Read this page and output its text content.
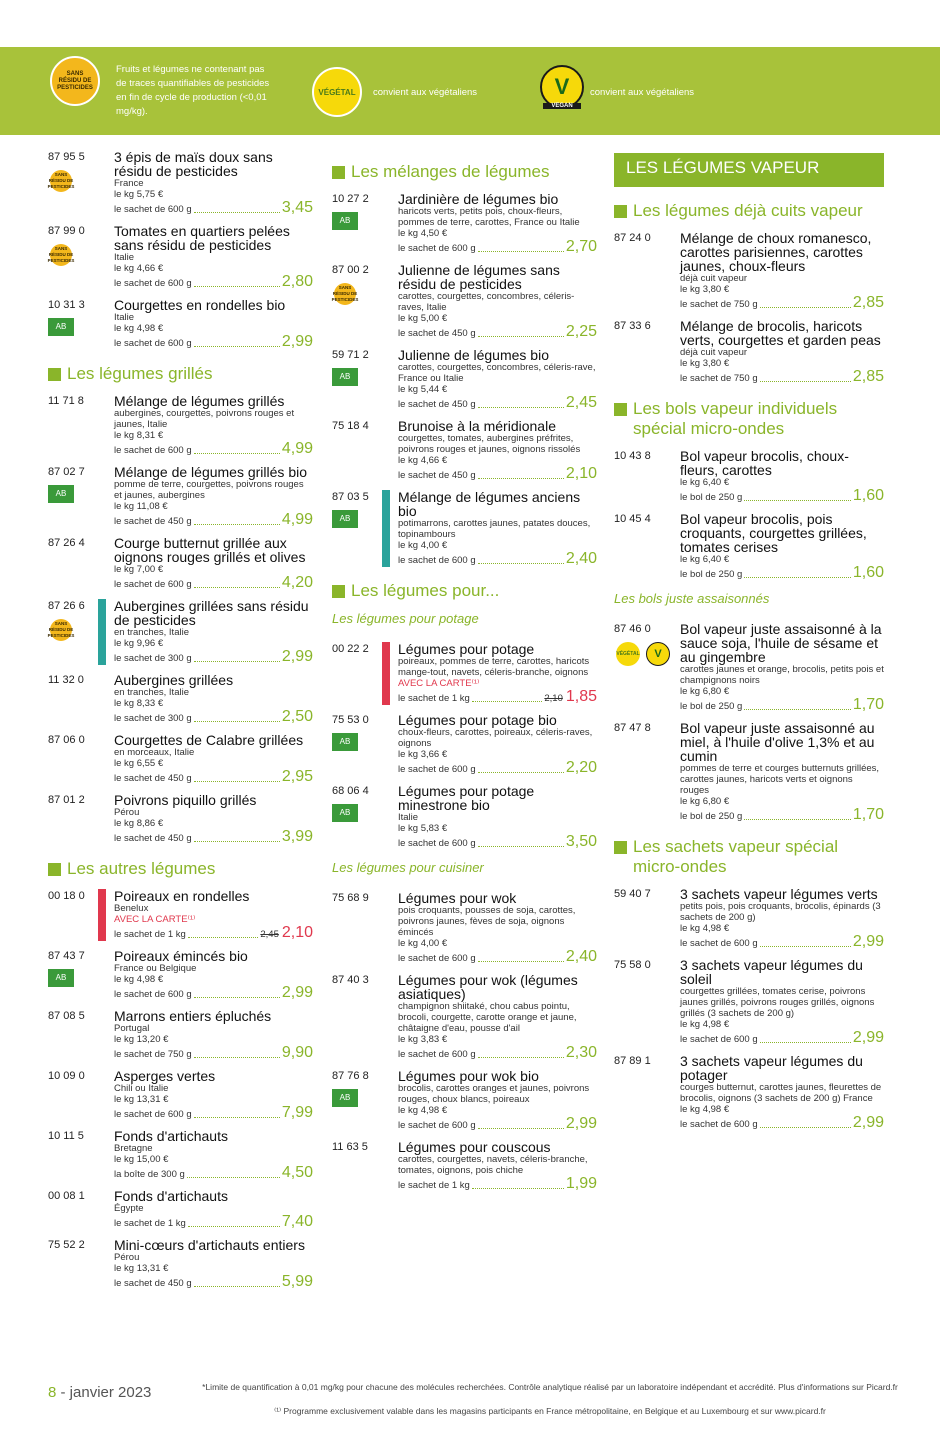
SANS RÉSIDU DE PESTICIDES
Fruits et légumes ne contenant pas de traces quantifiables de pesticides en fin de cycle de production (<0,01 mg/kg).
VÉGÉTAL	convient aux végétaliens	V
VEGAN
convient aux végétaliens
87 95 5
SANS RÉSIDU DE PESTICIDES
3 épis de maïs doux sans résidu de pesticides
France
le kg 5,75 €
le sachet de 600 g	3,45
87 99 0
SANS RÉSIDU DE PESTICIDES
Tomates en quartiers pelées sans résidu de pesticides
Italie
le kg 4,66 €
le sachet de 600 g	2,80
10 31 3
AB
Courgettes en rondelles bio
Italie
le kg 4,98 €
le sachet de 600 g	2,99
Les légumes grillés
11 71 8 Mélange de légumes grillés
aubergines, courgettes, poivrons rouges et jaunes, Italie
le kg 8,31 €
le sachet de 600 g	4,99
87 02 7
AB
Mélange de légumes grillés bio
pomme de terre, courgettes, poivrons rouges et jaunes, aubergines
le kg 11,08 €
le sachet de 450 g	4,99
87 26 4 Courge butternut grillée aux oignons rouges grillés et olives
le kg 7,00 €
le sachet de 600 g	4,20
87 26 6
SANS RÉSIDU DE PESTICIDES
Aubergines grillées sans résidu de pesticides
en tranches, Italie
le kg 9,96 €
le sachet de 300 g	2,99
11 32 0 Aubergines grillées
en tranches, Italie
le kg 8,33 €
le sachet de 300 g	2,50
87 06 0 Courgettes de Calabre grillées
en morceaux, Italie
le kg 6,55 €
le sachet de 450 g	2,95
87 01 2 Poivrons piquillo grillés
Pérou
le kg 8,86 €
le sachet de 450 g	3,99
Les autres légumes
00 18 0 Poireaux en rondelles
Benelux
AVEC LA CARTE⁽¹⁾
le sachet de 1 kg	2,45 2,10
87 43 7
AB
Poireaux émincés bio
France ou Belgique
le kg 4,98 €
le sachet de 600 g	2,99
87 08 5 Marrons entiers épluchés
Portugal
le kg 13,20 €
le sachet de 750 g	9,90
10 09 0 Asperges vertes
Chili ou Italie
le kg 13,31 €
le sachet de 600 g	7,99
10 11 5 Fonds d'artichauts
Bretagne
le kg 15,00 €
la boîte de 300 g	4,50
00 08 1 Fonds d'artichauts
Égypte
le sachet de 1 kg	7,40
75 52 2 Mini-cœurs d'artichauts entiers
Pérou
le kg 13,31 €
le sachet de 450 g	5,99
Les mélanges de légumes
10 27 2
AB
Jardinière de légumes bio
haricots verts, petits pois, choux-fleurs, pommes de terre, carottes, France ou Italie
le kg 4,50 €
le sachet de 600 g	2,70
87 00 2
SANS RÉSIDU DE PESTICIDES
Julienne de légumes sans résidu de pesticides
carottes, courgettes, concombres, céleris-raves, Italie
le kg 5,00 €
le sachet de 450 g	2,25
59 71 2
AB
Julienne de légumes bio
carottes, courgettes, concombres, céleris-rave, France ou Italie
le kg 5,44 €
le sachet de 450 g	2,45
75 18 4 Brunoise à la méridionale
courgettes, tomates, aubergines préfrites, poivrons rouges et jaunes, oignons rissolés
le kg 4,66 €
le sachet de 450 g	2,10
87 03 5
AB
Mélange de légumes anciens bio
potimarrons, carottes jaunes, patates douces, topinambours
le kg 4,00 €
le sachet de 600 g	2,40
Les légumes pour...
Les légumes pour potage
00 22 2 Légumes pour potage
poireaux, pommes de terre, carottes, haricots mange-tout, navets, céleris-branche, oignons
AVEC LA CARTE⁽¹⁾
le sachet de 1 kg	2,10 1,85
75 53 0
AB
Légumes pour potage bio
choux-fleurs, carottes, poireaux, céleris-raves, oignons
le kg 3,66 €
le sachet de 600 g	2,20
68 06 4
AB
Légumes pour potage minestrone bio
Italie
le kg 5,83 €
le sachet de 600 g	3,50
Les légumes pour cuisiner
75 68 9 Légumes pour wok
pois croquants, pousses de soja, carottes, poivrons jaunes, fèves de soja, oignons émincés
le kg 4,00 €
le sachet de 600 g	2,40
87 40 3 Légumes pour wok (légumes asiatiques)
champignon shiitaké, chou cabus pointu, brocoli, courgette, carotte orange et jaune, châtaigne d'eau, pousse d'ail
le kg 3,83 €
le sachet de 600 g	2,30
87 76 8
AB
Légumes pour wok bio
brocolis, carottes oranges et jaunes, poivrons rouges, choux blancs, poireaux
le kg 4,98 €
le sachet de 600 g	2,99
11 63 5 Légumes pour couscous
carottes, courgettes, navets, céleris-branche, tomates, oignons, pois chiche
le sachet de 1 kg	1,99
LES LÉGUMES VAPEUR
Les légumes déjà cuits vapeur
87 24 0 Mélange de choux romanesco, carottes parisiennes, carottes jaunes, choux-fleurs
déjà cuit vapeur
le kg 3,80 €
le sachet de 750 g	2,85
87 33 6 Mélange de brocolis, haricots verts, courgettes et garden peas
déjà cuit vapeur
le kg 3,80 €
le sachet de 750 g	2,85
Les bols vapeur individuels spécial micro-ondes
10 43 8 Bol vapeur brocolis, choux-fleurs, carottes
le kg 6,40 €
le bol de 250 g	1,60
10 45 4 Bol vapeur brocolis, pois croquants, courgettes grillées, tomates cerises
le kg 6,40 €
le bol de 250 g	1,60
Les bols juste assaisonnés
87 46 0
VÉGÉTAL	V
Bol vapeur juste assaisonné à la sauce soja, l'huile de sésame et au gingembre
carottes jaunes et orange, brocolis, petits pois et champignons noirs
le kg 6,80 €
le bol de 250 g	1,70
87 47 8 Bol vapeur juste assaisonné au miel, à l'huile d'olive 1,3% et au cumin
pommes de terre et courges butternuts grillées, carottes jaunes, haricots verts et oignons rouges
le kg 6,80 €
le bol de 250 g	1,70
Les sachets vapeur spécial micro-ondes
59 40 7 3 sachets vapeur légumes verts
petits pois, pois croquants, brocolis, épinards (3 sachets de 200 g)
le kg 4,98 €
le sachet de 600 g	2,99
75 58 0 3 sachets vapeur légumes du soleil
courgettes grillées, tomates cerise, poivrons jaunes grillés, poivrons rouges grillés, oignons grillés (3 sachets de 200 g)
le kg 4,98 €
le sachet de 600 g	2,99
87 89 1 3 sachets vapeur légumes du potager
courges butternut, carottes jaunes, fleurettes de brocolis, oignons (3 sachets de 200 g) France
le kg 4,98 €
le sachet de 600 g	2,99
8 - janvier 2023	*Limite de quantification à 0,01 mg/kg pour chacune des molécules recherchées. Contrôle analytique réalisé par un laboratoire indépendant et accrédité. Plus d'informations sur Picard.fr
⁽¹⁾ Programme exclusivement valable dans les magasins participants en France métropolitaine, en Belgique et au Luxembourg et sur www.picard.fr
